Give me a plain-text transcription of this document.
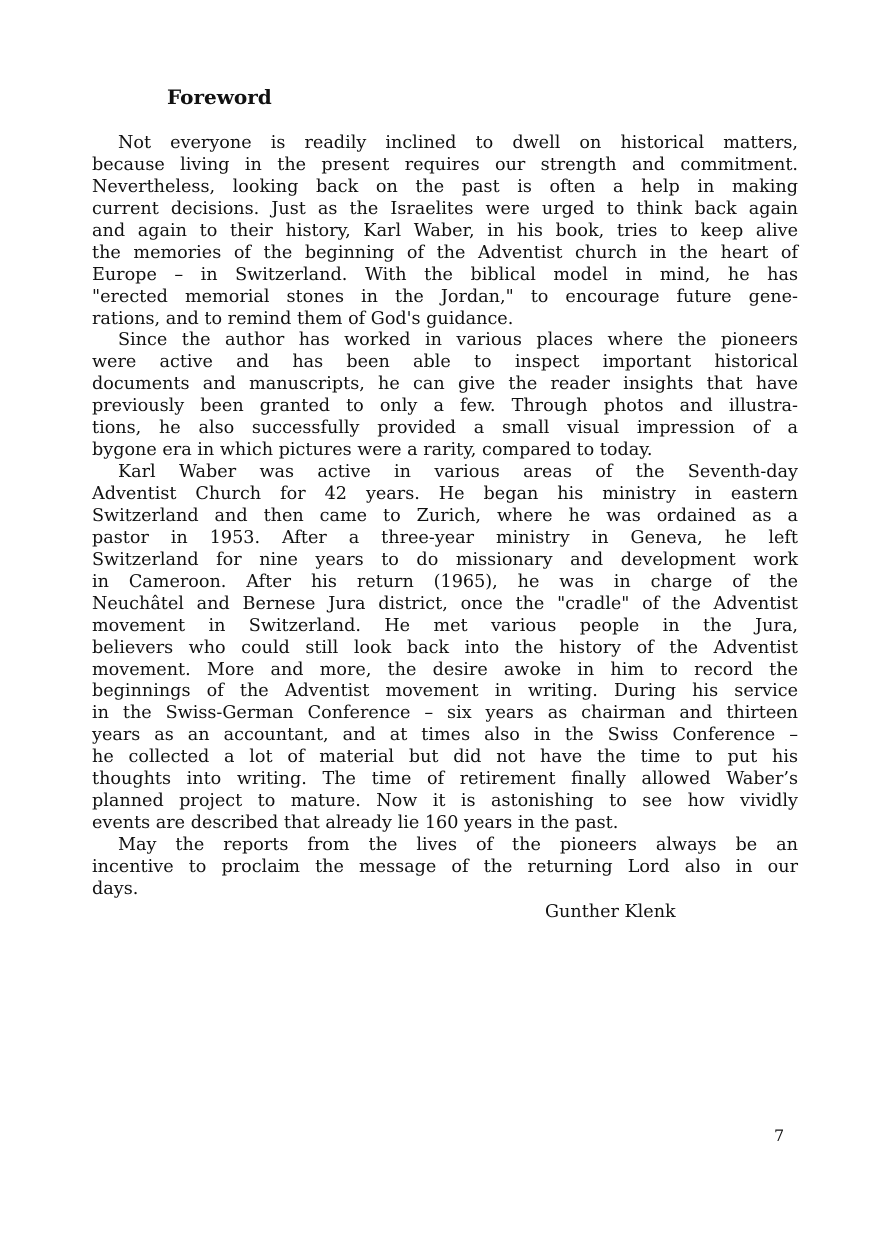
Foreword
Not everyone is readily inclined to dwell on historical matters,
because living in the present requires our strength and commitment.
Nevertheless, looking back on the past is often a help in making
current decisions. Just as the Israelites were urged to think back again
and again to their history, Karl Waber, in his book, tries to keep alive
the memories of the beginning of the Adventist church in the heart of
Europe – in Switzerland. With the biblical model in mind, he has
"erected memorial stones in the Jordan," to encourage future gene-
rations, and to remind them of God's guidance.
Since the author has worked in various places where the pioneers
were active and has been able to inspect important historical
documents and manuscripts, he can give the reader insights that have
previously been granted to only a few. Through photos and illustra-
tions, he also successfully provided a small visual impression of a
bygone era in which pictures were a rarity, compared to today.
Karl Waber was active in various areas of the Seventh-day
Adventist Church for 42 years. He began his ministry in eastern
Switzerland and then came to Zurich, where he was ordained as a
pastor in 1953. After a three-year ministry in Geneva, he left
Switzerland for nine years to do missionary and development work
in Cameroon. After his return (1965), he was in charge of the
Neuchâtel and Bernese Jura district, once the "cradle" of the Adventist
movement in Switzerland. He met various people in the Jura,
believers who could still look back into the history of the Adventist
movement. More and more, the desire awoke in him to record the
beginnings of the Adventist movement in writing. During his service
in the Swiss-German Conference – six years as chairman and thirteen
years as an accountant, and at times also in the Swiss Conference –
he collected a lot of material but did not have the time to put his
thoughts into writing. The time of retirement finally allowed Waber’s
planned project to mature. Now it is astonishing to see how vividly
events are described that already lie 160 years in the past.
May the reports from the lives of the pioneers always be an
incentive to proclaim the message of the returning Lord also in our
days.
Gunther Klenk
7
